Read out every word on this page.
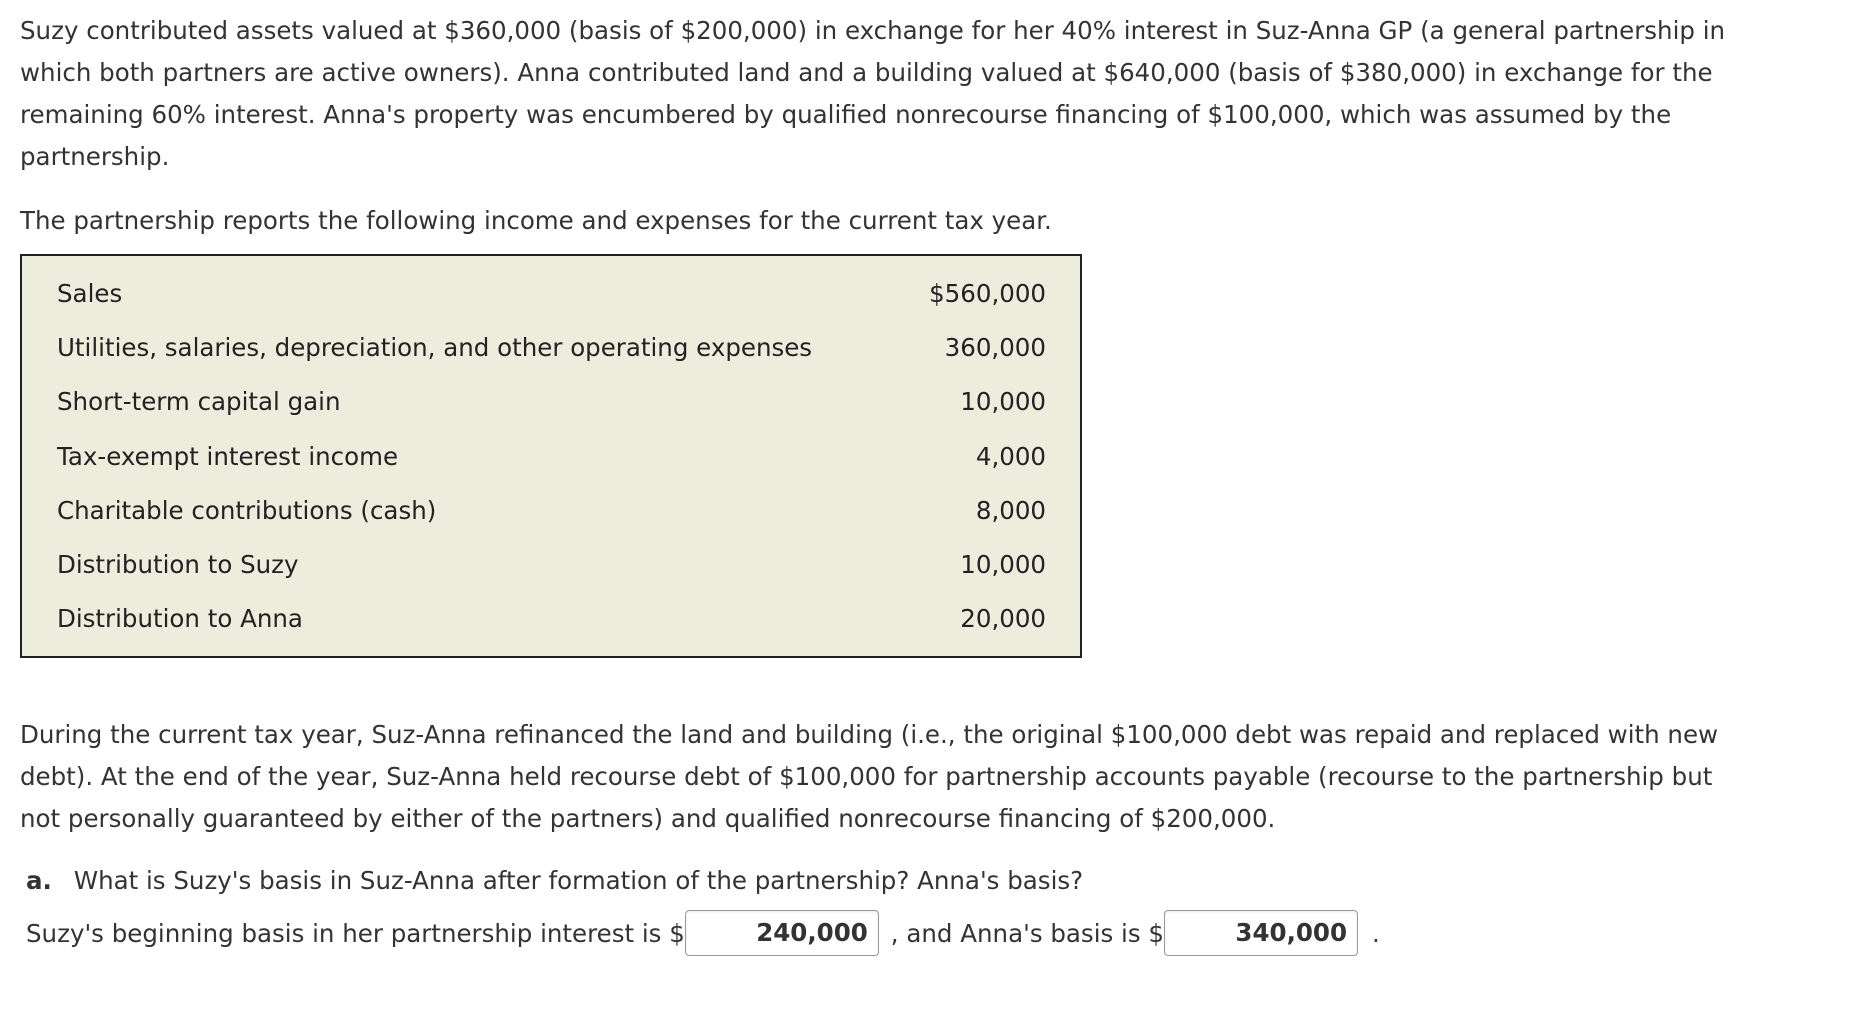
Suzy contributed assets valued at $360,000 (basis of $200,000) in exchange for her 40% interest in Suz-Anna GP (a general partnership in which both partners are active owners). Anna contributed land and a building valued at $640,000 (basis of $380,000) in exchange for the remaining 60% interest. Anna's property was encumbered by qualified nonrecourse financing of $100,000, which was assumed by the partnership.

The partnership reports the following income and expenses for the current tax year.

Sales	$560,000
Utilities, salaries, depreciation, and other operating expenses	360,000
Short-term capital gain	10,000
Tax-exempt interest income	4,000
Charitable contributions (cash)	8,000
Distribution to Suzy	10,000
Distribution to Anna	20,000

During the current tax year, Suz-Anna refinanced the land and building (i.e., the original $100,000 debt was repaid and replaced with new debt). At the end of the year, Suz-Anna held recourse debt of $100,000 for partnership accounts payable (recourse to the partnership but not personally guaranteed by either of the partners) and qualified nonrecourse financing of $200,000.

a. What is Suzy's basis in Suz-Anna after formation of the partnership? Anna's basis?
Suzy's beginning basis in her partnership interest is $	240,000 , and Anna's basis is $	340,000	.
